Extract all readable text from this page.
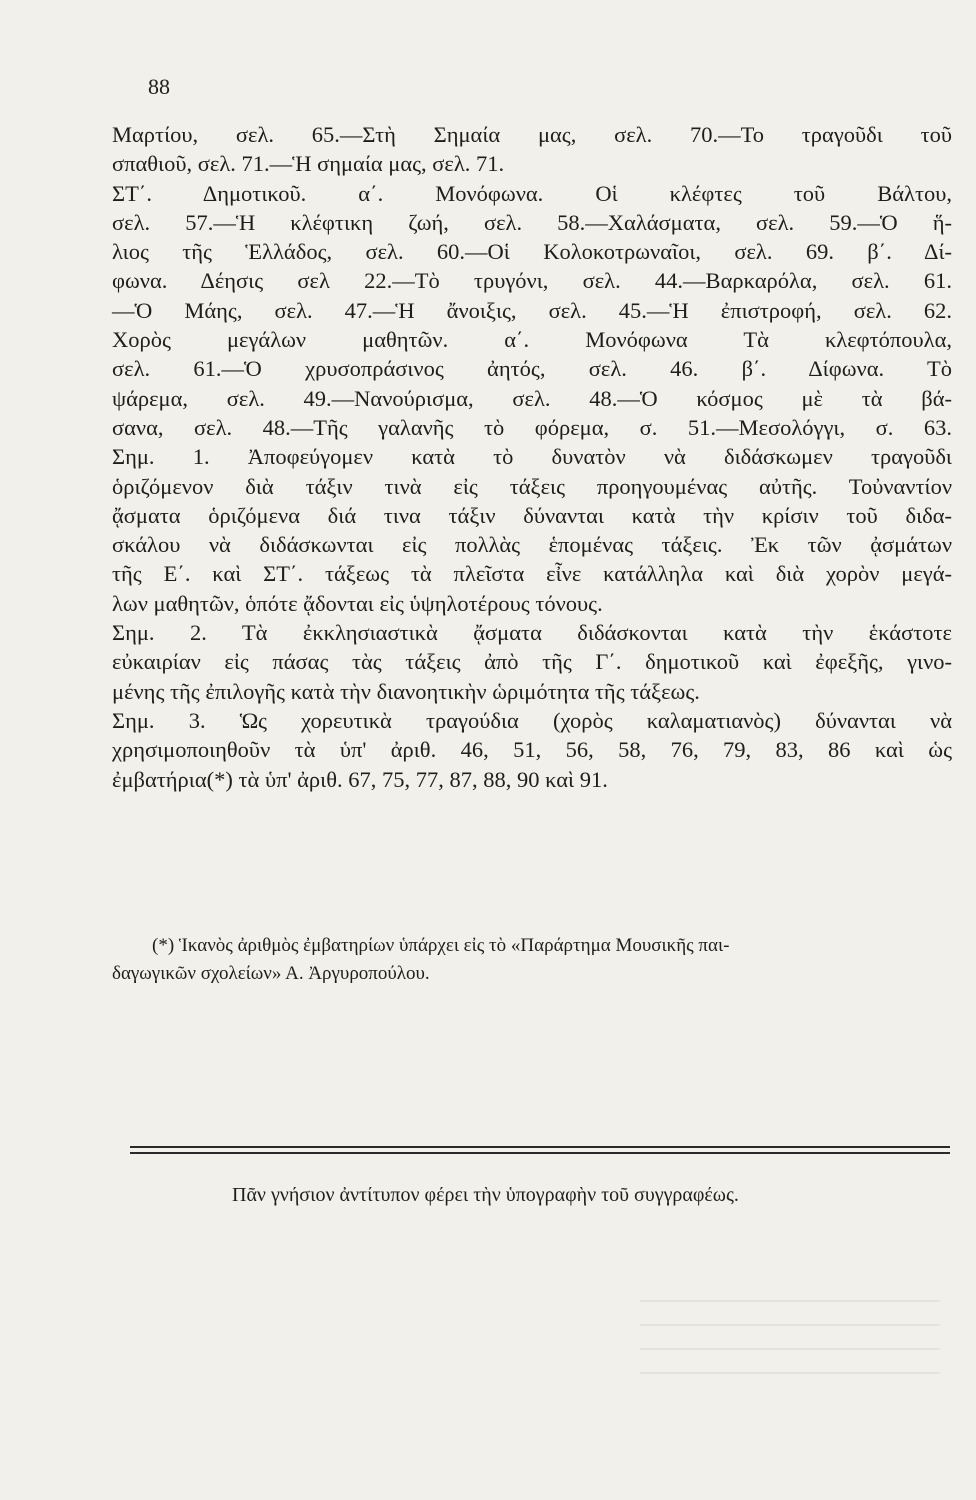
88
Μαρτίου, σελ. 65.—Στὴ Σημαία μας, σελ. 70.—Το τραγοῦδι τοῦ
σπαθιοῦ, σελ. 71.—Ἡ σημαία μας, σελ. 71.
ΣΤ΄. Δημοτικοῦ. α΄. Μονόφωνα. Οἱ κλέφτες τοῦ Βάλτου,
σελ. 57.—Ἡ κλέφτικη ζωή, σελ. 58.—Χαλάσματα, σελ. 59.—Ὁ ἥ-
λιος τῆς Ἑλλάδος, σελ. 60.—Οἱ Κολοκοτρωναῖοι, σελ. 69. β΄. Δί-
φωνα. Δέησις σελ 22.—Τὸ τρυγόνι, σελ. 44.—Βαρκαρόλα, σελ. 61.
—Ὁ Μάης, σελ. 47.—Ἡ ἄνοιξις, σελ. 45.—Ἡ ἐπιστροφή, σελ. 62.
Χορὸς μεγάλων μαθητῶν. α΄. Μονόφωνα Τὰ κλεφτόπουλα,
σελ. 61.—Ὁ χρυσοπράσινος ἀητός, σελ. 46. β΄. Δίφωνα. Τὸ
ψάρεμα, σελ. 49.—Νανούρισμα, σελ. 48.—Ὁ κόσμος μὲ τὰ βά-
σανα, σελ. 48.—Τῆς γαλανῆς τὸ φόρεμα, σ. 51.—Μεσολόγγι, σ. 63.
Σημ. 1. Ἀποφεύγομεν κατὰ τὸ δυνατὸν νὰ διδάσκωμεν τραγοῦδι
ὁριζόμενον διὰ τάξιν τινὰ εἰς τάξεις προηγουμένας αὐτῆς. Τοὐναντίον
ᾄσματα ὁριζόμενα διά τινα τάξιν δύνανται κατὰ τὴν κρίσιν τοῦ διδα-
σκάλου νὰ διδάσκωνται εἰς πολλὰς ἑπομένας τάξεις. Ἐκ τῶν ᾀσμάτων
τῆς Ε΄. καὶ ΣΤ΄. τάξεως τὰ πλεῖστα εἶνε κατάλληλα καὶ διὰ χορὸν μεγά-
λων μαθητῶν, ὁπότε ᾄδονται εἰς ὑψηλοτέρους τόνους.
Σημ. 2. Τὰ ἐκκλησιαστικὰ ᾄσματα διδάσκονται κατὰ τὴν ἑκάστοτε
εὐκαιρίαν εἰς πάσας τὰς τάξεις ἀπὸ τῆς Γ΄. δημοτικοῦ καὶ ἐφεξῆς, γινο-
μένης τῆς ἐπιλογῆς κατὰ τὴν διανοητικὴν ὡριμότητα τῆς τάξεως.
Σημ. 3. Ὡς χορευτικὰ τραγούδια (χορὸς καλαματιανὸς) δύνανται νὰ
χρησιμοποιηθοῦν τὰ ὑπ' ἀριθ. 46, 51, 56, 58, 76, 79, 83, 86 καὶ ὡς
ἐμβατήρια(*) τὰ ὑπ' ἀριθ. 67, 75, 77, 87, 88, 90 καὶ 91.
(*) Ἱκανὸς ἀριθμὸς ἐμβατηρίων ὑπάρχει εἰς τὸ «Παράρτημα Μουσικῆς παι-
δαγωγικῶν σχολείων» Α. Ἀργυροπούλου.
Πᾶν γνήσιον ἀντίτυπον φέρει τὴν ὑπογραφὴν τοῦ συγγραφέως.
